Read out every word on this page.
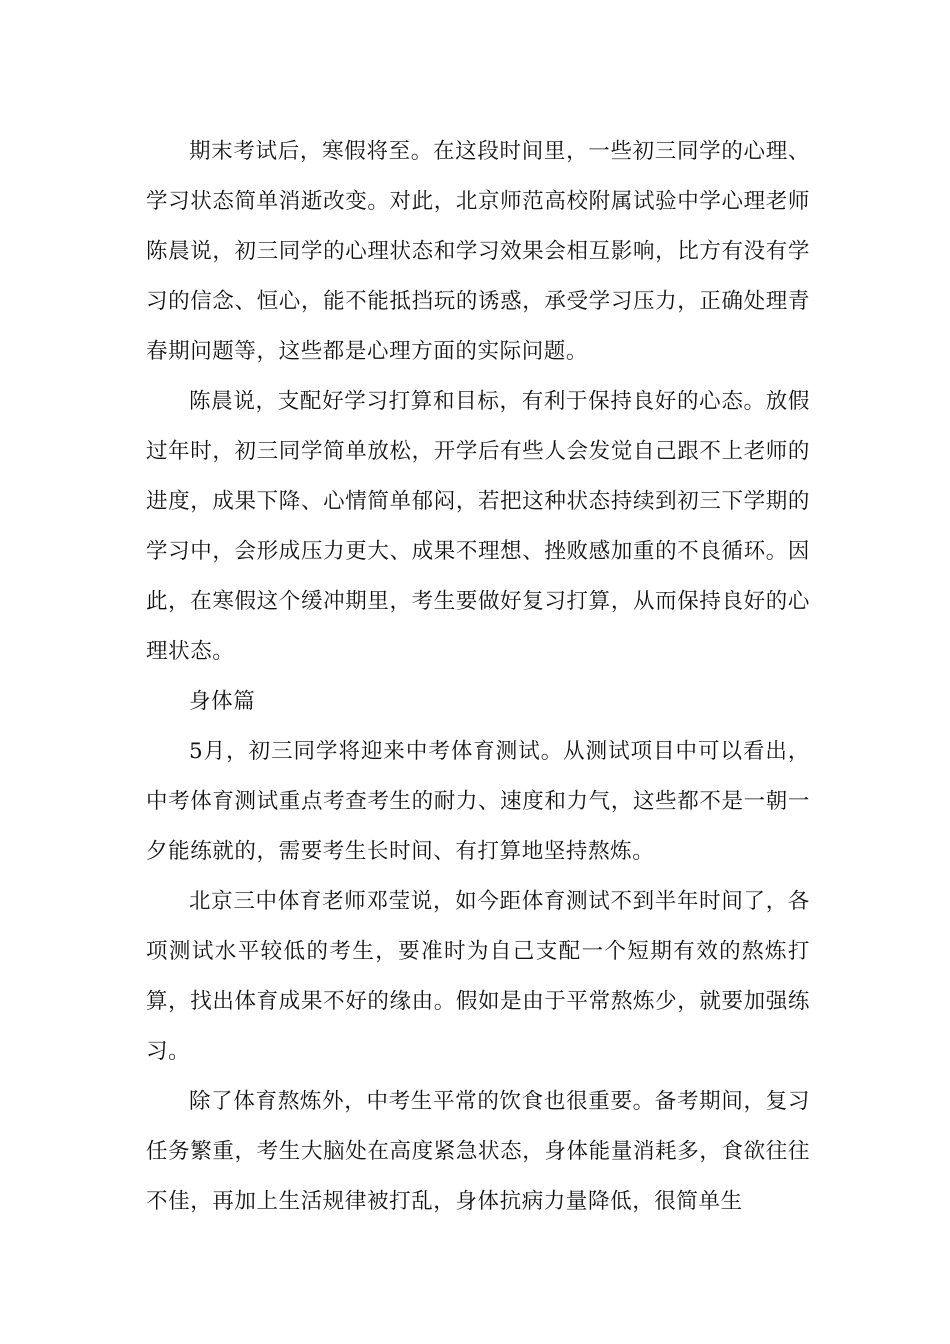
期末考试后，寒假将至。在这段时间里，一些初三同学的心理、学习状态简单消逝改变。对此，北京师范高校附属试验中学心理老师陈晨说，初三同学的心理状态和学习效果会相互影响，比方有没有学习的信念、恒心，能不能抵挡玩的诱惑，承受学习压力，正确处理青春期问题等，这些都是心理方面的实际问题。

陈晨说，支配好学习打算和目标，有利于保持良好的心态。放假过年时，初三同学简单放松，开学后有些人会发觉自己跟不上老师的进度，成果下降、心情简单郁闷，若把这种状态持续到初三下学期的学习中，会形成压力更大、成果不理想、挫败感加重的不良循环。因此，在寒假这个缓冲期里，考生要做好复习打算，从而保持良好的心理状态。

身体篇

5月，初三同学将迎来中考体育测试。从测试项目中可以看出，中考体育测试重点考查考生的耐力、速度和力气，这些都不是一朝一夕能练就的，需要考生长时间、有打算地坚持熬炼。

北京三中体育老师邓莹说，如今距体育测试不到半年时间了，各项测试水平较低的考生，要准时为自己支配一个短期有效的熬炼打算，找出体育成果不好的缘由。假如是由于平常熬炼少，就要加强练习。

除了体育熬炼外，中考生平常的饮食也很重要。备考期间，复习任务繁重，考生大脑处在高度紧急状态，身体能量消耗多，食欲往往不佳，再加上生活规律被打乱，身体抗病力量降低，很简单生
